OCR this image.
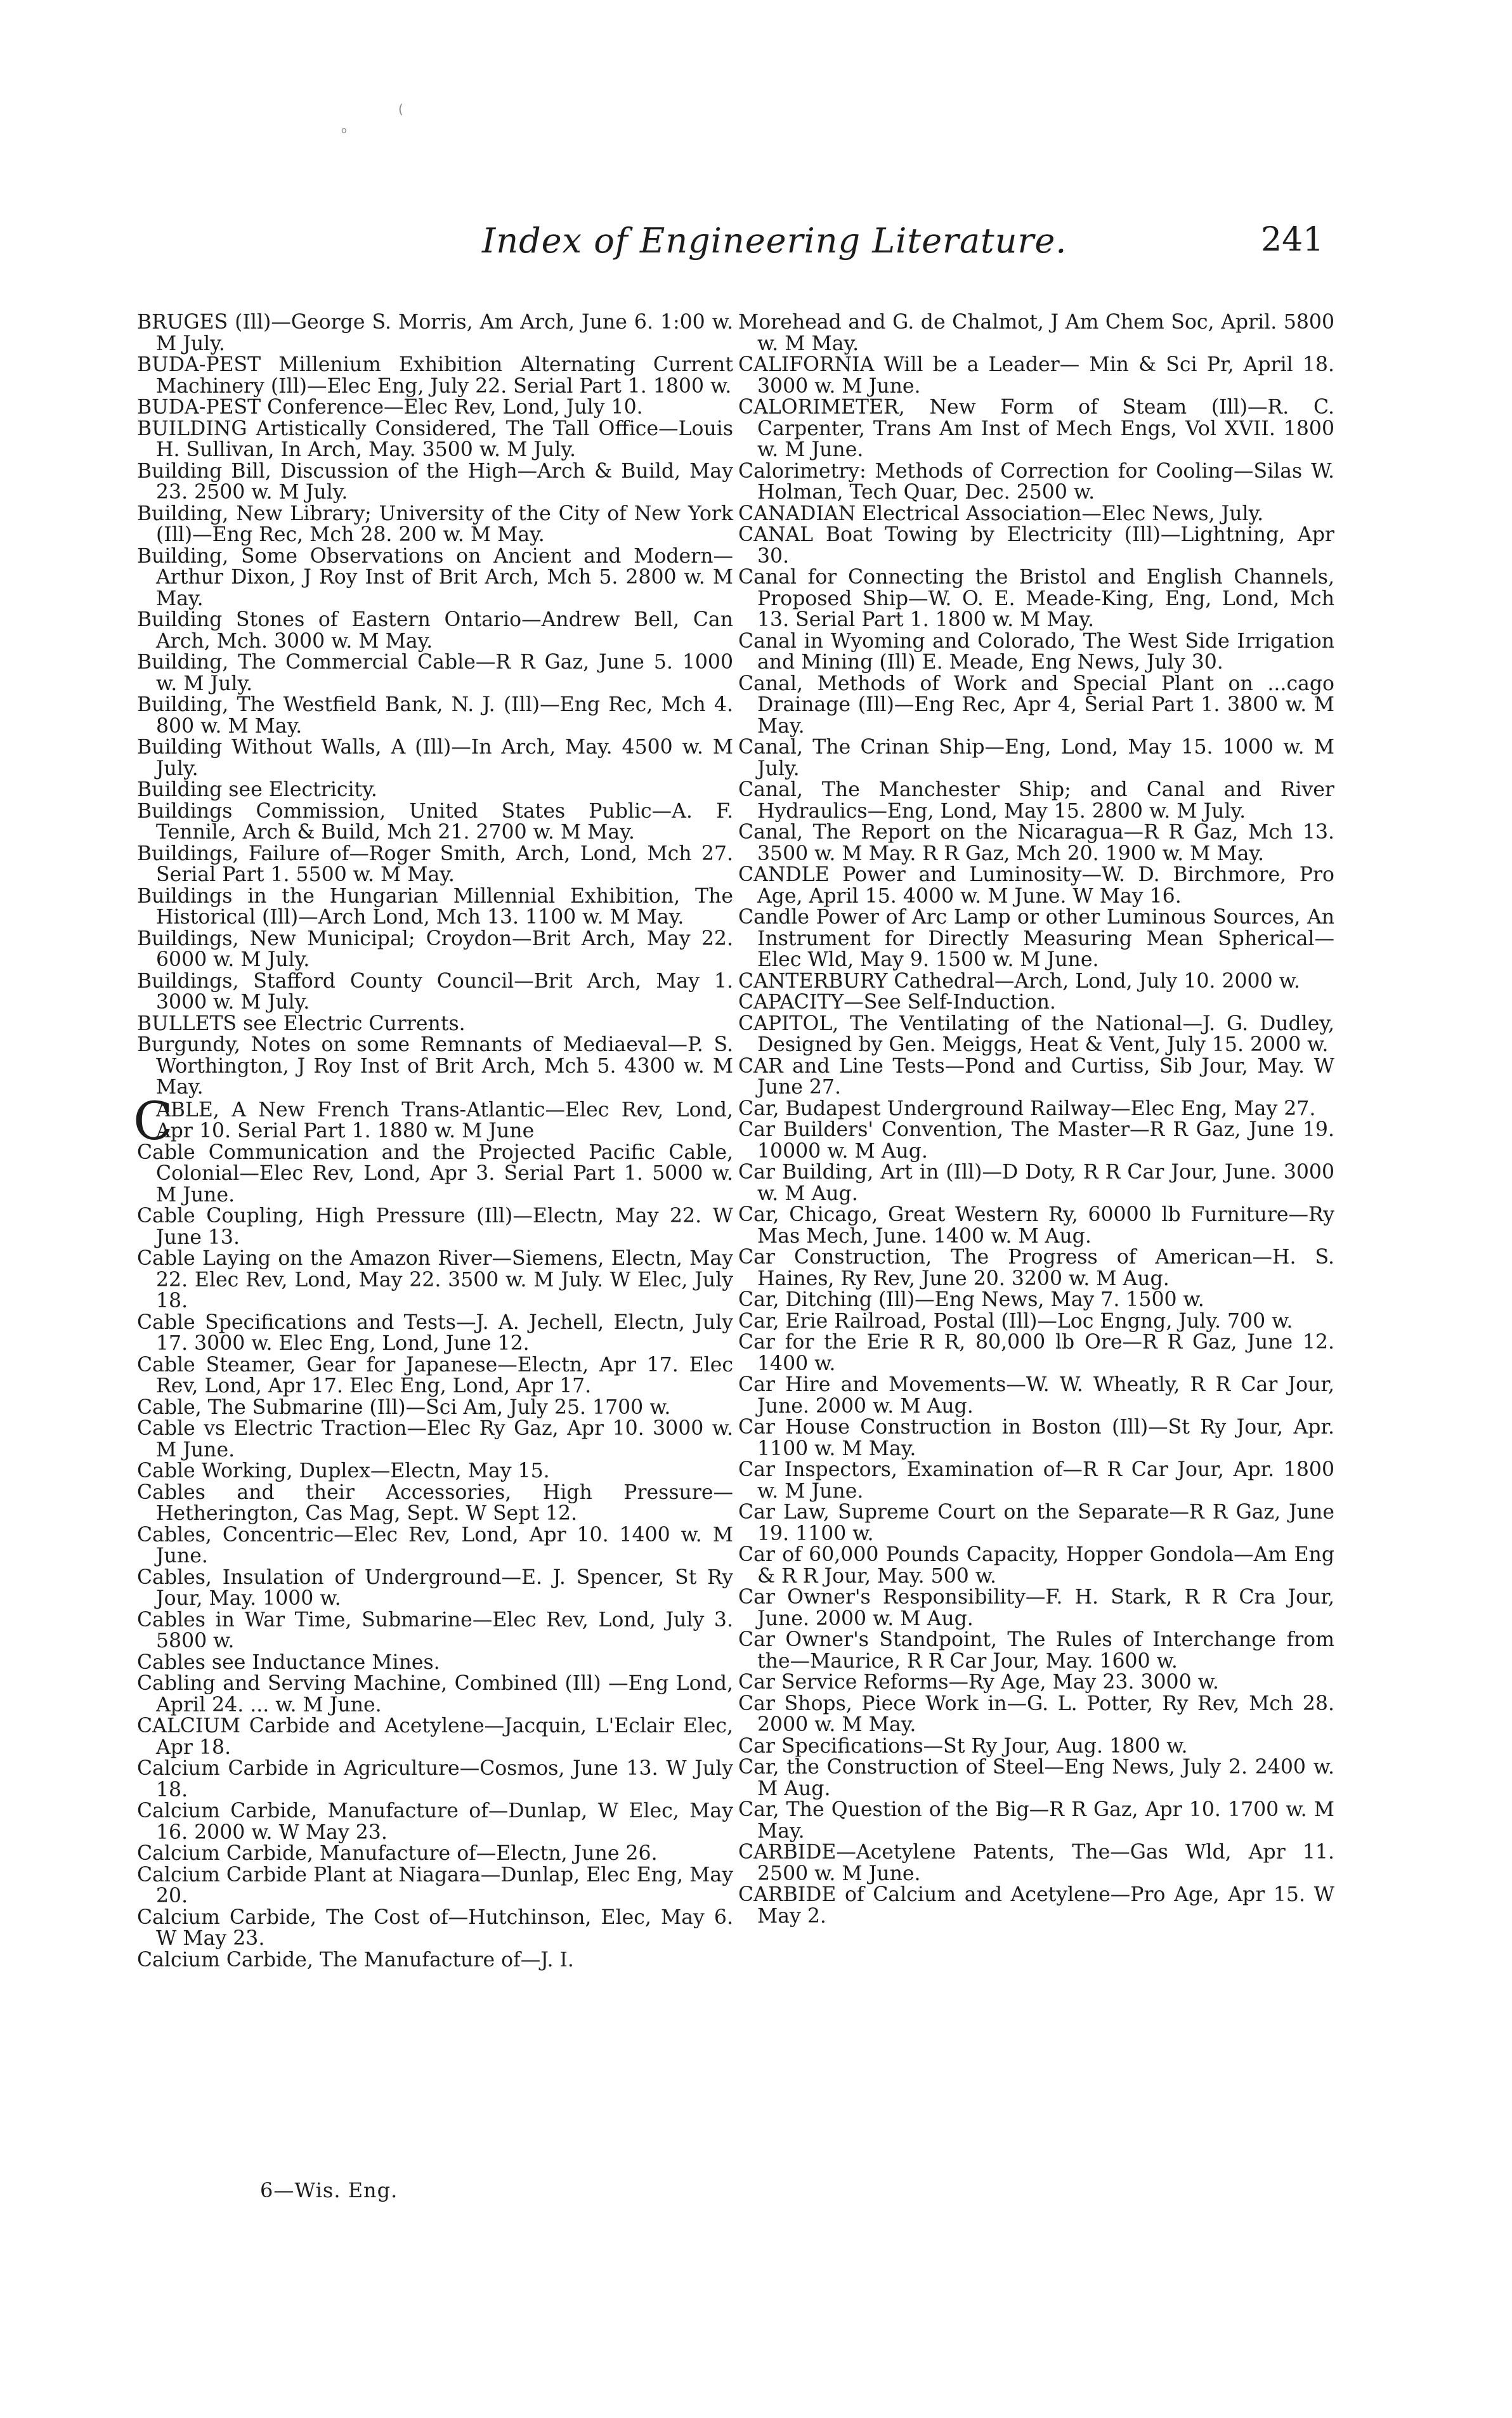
(
o
Index of Engineering Literature.	241

BRUGES (Ill)—George S. Morris, Am Arch, June 6. 1:00 w. M July.

BUDA-PEST Millenium Exhibition Alternating Current Machinery (Ill)—Elec Eng, July 22. Serial Part 1. 1800 w.

BUDA-PEST Conference—Elec Rev, Lond, July 10.

BUILDING Artistically Considered, The Tall Office—Louis H. Sullivan, In Arch, May. 3500 w. M July.

Building Bill, Discussion of the High—Arch & Build, May 23. 2500 w. M July.

Building, New Library; University of the City of New York (Ill)—Eng Rec, Mch 28. 200 w. M May.

Building, Some Observations on Ancient and Modern—Arthur Dixon, J Roy Inst of Brit Arch, Mch 5. 2800 w. M May.

Building Stones of Eastern Ontario—Andrew Bell, Can Arch, Mch. 3000 w. M May.

Building, The Commercial Cable—R R Gaz, June 5. 1000 w. M July.

Building, The Westfield Bank, N. J. (Ill)—Eng Rec, Mch 4. 800 w. M May.

Building Without Walls, A (Ill)—In Arch, May. 4500 w. M July.

Building see Electricity.

Buildings Commission, United States Public—A. F. Tennile, Arch & Build, Mch 21. 2700 w. M May.

Buildings, Failure of—Roger Smith, Arch, Lond, Mch 27. Serial Part 1. 5500 w. M May.

Buildings in the Hungarian Millennial Exhibition, The Historical (Ill)—Arch Lond, Mch 13. 1100 w. M May.

Buildings, New Municipal; Croydon—Brit Arch, May 22. 6000 w. M July.

Buildings, Stafford County Council—Brit Arch, May 1. 3000 w. M July.

BULLETS see Electric Currents.

Burgundy, Notes on some Remnants of Mediaeval—P. S. Worthington, J Roy Inst of Brit Arch, Mch 5. 4300 w. M May.

C
ABLE, A New French Trans-Atlantic—Elec Rev, Lond, Apr 10. Serial Part 1. 1880 w. M June

Cable Communication and the Projected Pacific Cable, Colonial—Elec Rev, Lond, Apr 3. Serial Part 1. 5000 w. M June.

Cable Coupling, High Pressure (Ill)—Electn, May 22. W June 13.

Cable Laying on the Amazon River—Siemens, Electn, May 22. Elec Rev, Lond, May 22. 3500 w. M July. W Elec, July 18.

Cable Specifications and Tests—J. A. Jechell, Electn, July 17. 3000 w. Elec Eng, Lond, June 12.

Cable Steamer, Gear for Japanese—Electn, Apr 17. Elec Rev, Lond, Apr 17. Elec Eng, Lond, Apr 17.

Cable, The Submarine (Ill)—Sci Am, July 25. 1700 w.

Cable vs Electric Traction—Elec Ry Gaz, Apr 10. 3000 w. M June.

Cable Working, Duplex—Electn, May 15.

Cables and their Accessories, High Pressure—Hetherington, Cas Mag, Sept. W Sept 12.

Cables, Concentric—Elec Rev, Lond, Apr 10. 1400 w. M June.

Cables, Insulation of Underground—E. J. Spencer, St Ry Jour, May. 1000 w.

Cables in War Time, Submarine—Elec Rev, Lond, July 3. 5800 w.

Cables see Inductance Mines.

Cabling and Serving Machine, Combined (Ill) —Eng Lond, April 24. ... w. M June.

CALCIUM Carbide and Acetylene—Jacquin, L'Eclair Elec, Apr 18.

Calcium Carbide in Agriculture—Cosmos, June 13. W July 18.

Calcium Carbide, Manufacture of—Dunlap, W Elec, May 16. 2000 w. W May 23.

Calcium Carbide, Manufacture of—Electn, June 26.

Calcium Carbide Plant at Niagara—Dunlap, Elec Eng, May 20.

Calcium Carbide, The Cost of—Hutchinson, Elec, May 6. W May 23.

Calcium Carbide, The Manufacture of—J. I.

Morehead and G. de Chalmot, J Am Chem Soc, April. 5800 w. M May.

CALIFORNIA Will be a Leader— Min & Sci Pr, April 18. 3000 w. M June.

CALORIMETER, New Form of Steam (Ill)—R. C. Carpenter, Trans Am Inst of Mech Engs, Vol XVII. 1800 w. M June.

Calorimetry: Methods of Correction for Cooling—Silas W. Holman, Tech Quar, Dec. 2500 w.

CANADIAN Electrical Association—Elec News, July.

CANAL Boat Towing by Electricity (Ill)—Lightning, Apr 30.

Canal for Connecting the Bristol and English Channels, Proposed Ship—W. O. E. Meade-King, Eng, Lond, Mch 13. Serial Part 1. 1800 w. M May.

Canal in Wyoming and Colorado, The West Side Irrigation and Mining (Ill) E. Meade, Eng News, July 30.

Canal, Methods of Work and Special Plant on ...cago Drainage (Ill)—Eng Rec, Apr 4, Serial Part 1. 3800 w. M May.

Canal, The Crinan Ship—Eng, Lond, May 15. 1000 w. M July.

Canal, The Manchester Ship; and Canal and River Hydraulics—Eng, Lond, May 15. 2800 w. M July.

Canal, The Report on the Nicaragua—R R Gaz, Mch 13. 3500 w. M May. R R Gaz, Mch 20. 1900 w. M May.

CANDLE Power and Luminosity—W. D. Birchmore, Pro Age, April 15. 4000 w. M June. W May 16.

Candle Power of Arc Lamp or other Luminous Sources, An Instrument for Directly Measuring Mean Spherical—Elec Wld, May 9. 1500 w. M June.

CANTERBURY Cathedral—Arch, Lond, July 10. 2000 w.

CAPACITY—See Self-Induction.

CAPITOL, The Ventilating of the National—J. G. Dudley, Designed by Gen. Meiggs, Heat & Vent, July 15. 2000 w.

CAR and Line Tests—Pond and Curtiss, Sib Jour, May. W June 27.

Car, Budapest Underground Railway—Elec Eng, May 27.

Car Builders' Convention, The Master—R R Gaz, June 19. 10000 w. M Aug.

Car Building, Art in (Ill)—D Doty, R R Car Jour, June. 3000 w. M Aug.

Car, Chicago, Great Western Ry, 60000 lb Furniture—Ry Mas Mech, June. 1400 w. M Aug.

Car Construction, The Progress of American—H. S. Haines, Ry Rev, June 20. 3200 w. M Aug.

Car, Ditching (Ill)—Eng News, May 7. 1500 w.

Car, Erie Railroad, Postal (Ill)—Loc Engng, July. 700 w.

Car for the Erie R R, 80,000 lb Ore—R R Gaz, June 12. 1400 w.

Car Hire and Movements—W. W. Wheatly, R R Car Jour, June. 2000 w. M Aug.

Car House Construction in Boston (Ill)—St Ry Jour, Apr. 1100 w. M May.

Car Inspectors, Examination of—R R Car Jour, Apr. 1800 w. M June.

Car Law, Supreme Court on the Separate—R R Gaz, June 19. 1100 w.

Car of 60,000 Pounds Capacity, Hopper Gondola—Am Eng & R R Jour, May. 500 w.

Car Owner's Responsibility—F. H. Stark, R R Cra Jour, June. 2000 w. M Aug.

Car Owner's Standpoint, The Rules of Interchange from the—Maurice, R R Car Jour, May. 1600 w.

Car Service Reforms—Ry Age, May 23. 3000 w.

Car Shops, Piece Work in—G. L. Potter, Ry Rev, Mch 28. 2000 w. M May.

Car Specifications—St Ry Jour, Aug. 1800 w.

Car, the Construction of Steel—Eng News, July 2. 2400 w. M Aug.

Car, The Question of the Big—R R Gaz, Apr 10. 1700 w. M May.

CARBIDE—Acetylene Patents, The—Gas Wld, Apr 11. 2500 w. M June.

CARBIDE of Calcium and Acetylene—Pro Age, Apr 15. W May 2.

6—Wis. Eng.
